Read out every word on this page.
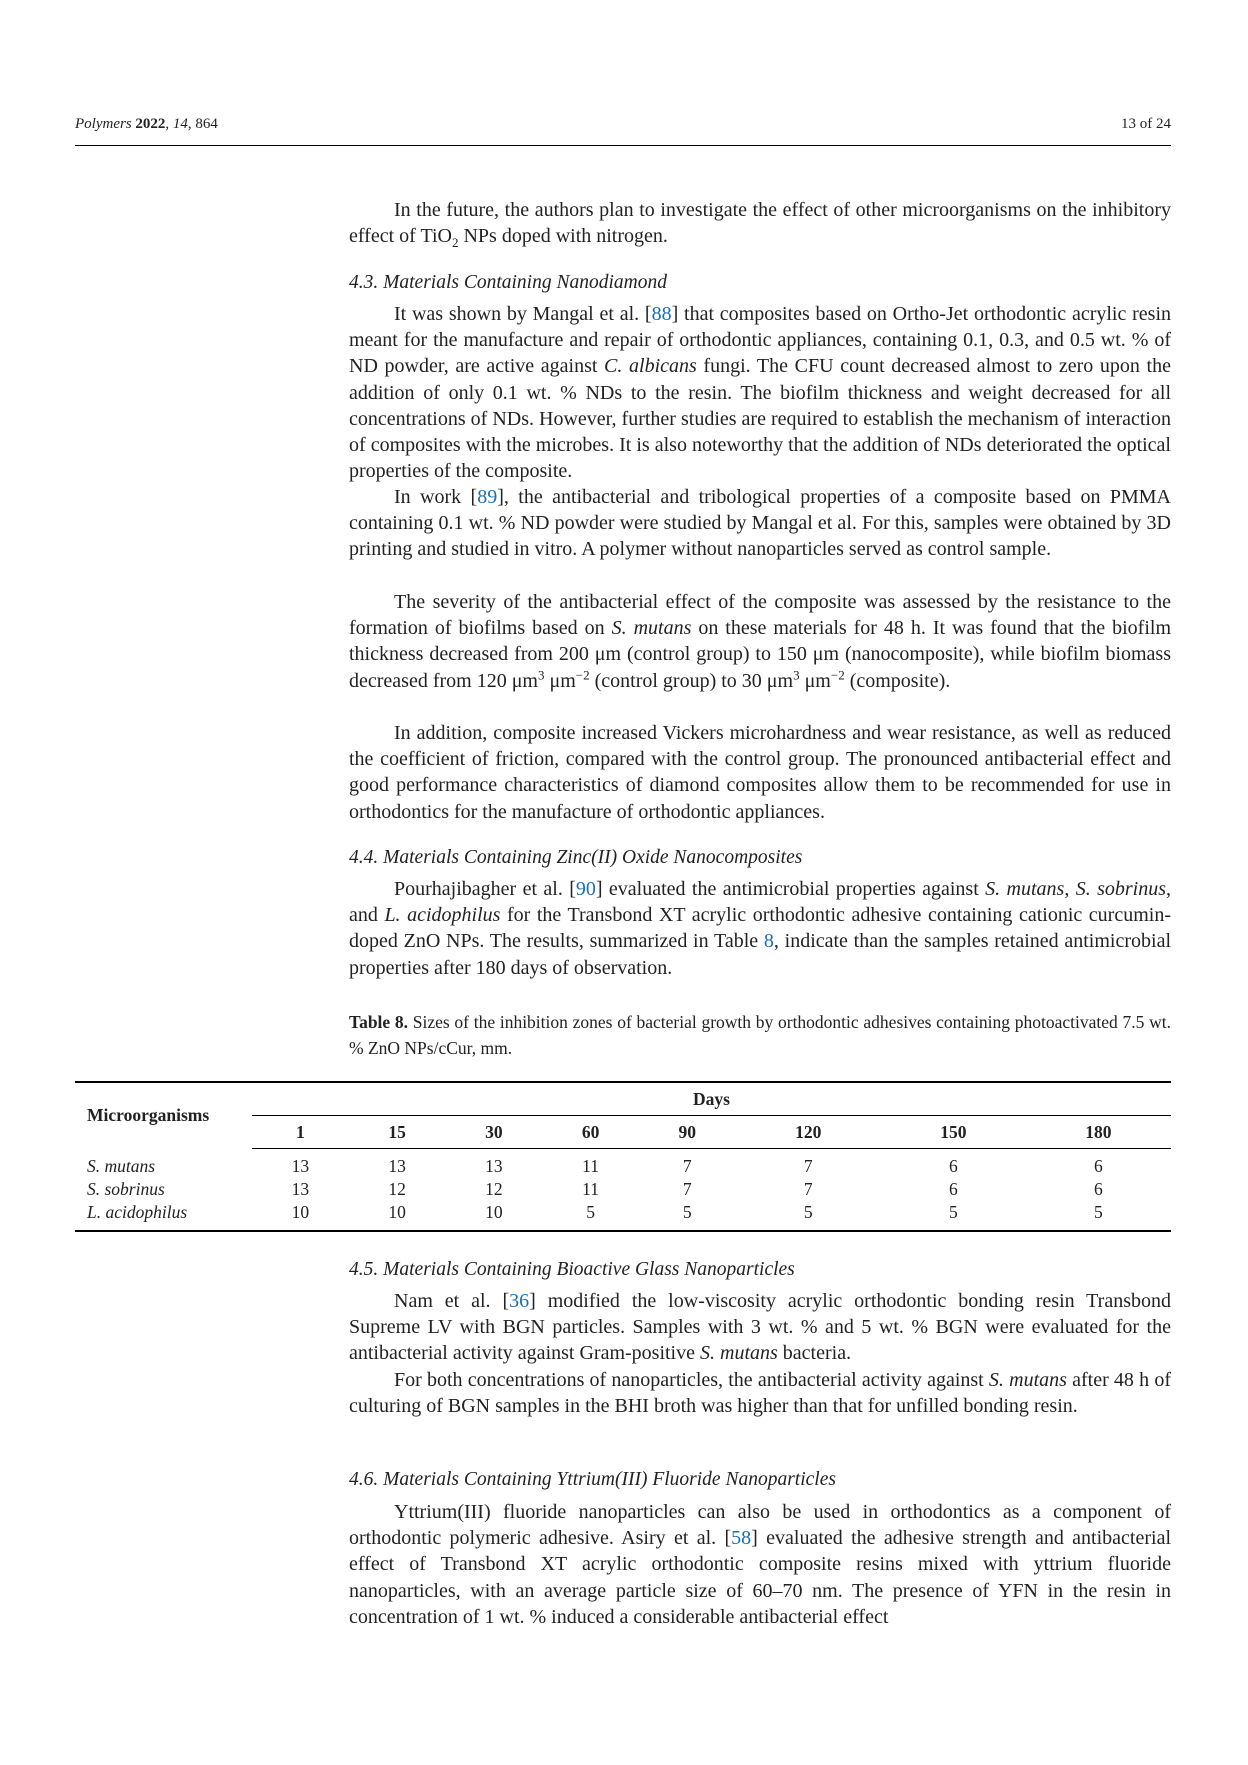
Polymers 2022, 14, 864	13 of 24

In the future, the authors plan to investigate the effect of other microorganisms on the inhibitory effect of TiO$_2$ NPs doped with nitrogen.

4.3. Materials Containing Nanodiamond

It was shown by Mangal et al. [88] that composites based on Ortho-Jet orthodontic acrylic resin meant for the manufacture and repair of orthodontic appliances, containing 0.1, 0.3, and 0.5 wt. % of ND powder, are active against C. albicans fungi. The CFU count decreased almost to zero upon the addition of only 0.1 wt. % NDs to the resin. The biofilm thickness and weight decreased for all concentrations of NDs. However, further studies are required to establish the mechanism of interaction of composites with the microbes. It is also noteworthy that the addition of NDs deteriorated the optical properties of the composite.

In work [89], the antibacterial and tribological properties of a composite based on PMMA containing 0.1 wt. % ND powder were studied by Mangal et al. For this, samples were obtained by 3D printing and studied in vitro. A polymer without nanoparticles served as control sample.

The severity of the antibacterial effect of the composite was assessed by the resistance to the formation of biofilms based on S. mutans on these materials for 48 h. It was found that the biofilm thickness decreased from 200 μm (control group) to 150 μm (nanocomposite), while biofilm biomass decreased from 120 $\mu m^3$ $\mu m^{-2}$ (control group) to 30 $\mu m^3$ $\mu m^{-2}$ (composite).

In addition, composite increased Vickers microhardness and wear resistance, as well as reduced the coefficient of friction, compared with the control group. The pronounced antibacterial effect and good performance characteristics of diamond composites allow them to be recommended for use in orthodontics for the manufacture of orthodontic appliances.

4.4. Materials Containing Zinc(II) Oxide Nanocomposites

Pourhajibagher et al. [90] evaluated the antimicrobial properties against S. mutans, S. sobrinus, and L. acidophilus for the Transbond XT acrylic orthodontic adhesive containing cationic curcumin-doped ZnO NPs. The results, summarized in Table 8, indicate than the samples retained antimicrobial properties after 180 days of observation.

Table 8. Sizes of the inhibition zones of bacterial growth by orthodontic adhesives containing photoactivated 7.5 wt. % ZnO NPs/cCur, mm.

Microorganisms	Days							
	1	15	30	60	90	120	150	180
S. mutans	13	13	13	11	7	7	6	6
S. sobrinus	13	12	12	11	7	7	6	6
L. acidophilus	10	10	10	5	5	5	5	5

4.5. Materials Containing Bioactive Glass Nanoparticles

Nam et al. [36] modified the low-viscosity acrylic orthodontic bonding resin Transbond Supreme LV with BGN particles. Samples with 3 wt. % and 5 wt. % BGN were evaluated for the antibacterial activity against Gram-positive S. mutans bacteria.

For both concentrations of nanoparticles, the antibacterial activity against S. mutans after 48 h of culturing of BGN samples in the BHI broth was higher than that for unfilled bonding resin.

4.6. Materials Containing Yttrium(III) Fluoride Nanoparticles

Yttrium(III) fluoride nanoparticles can also be used in orthodontics as a component of orthodontic polymeric adhesive. Asiry et al. [58] evaluated the adhesive strength and antibacterial effect of Transbond XT acrylic orthodontic composite resins mixed with yttrium fluoride nanoparticles, with an average particle size of 60–70 nm. The presence of YFN in the resin in concentration of 1 wt. % induced a considerable antibacterial effect
